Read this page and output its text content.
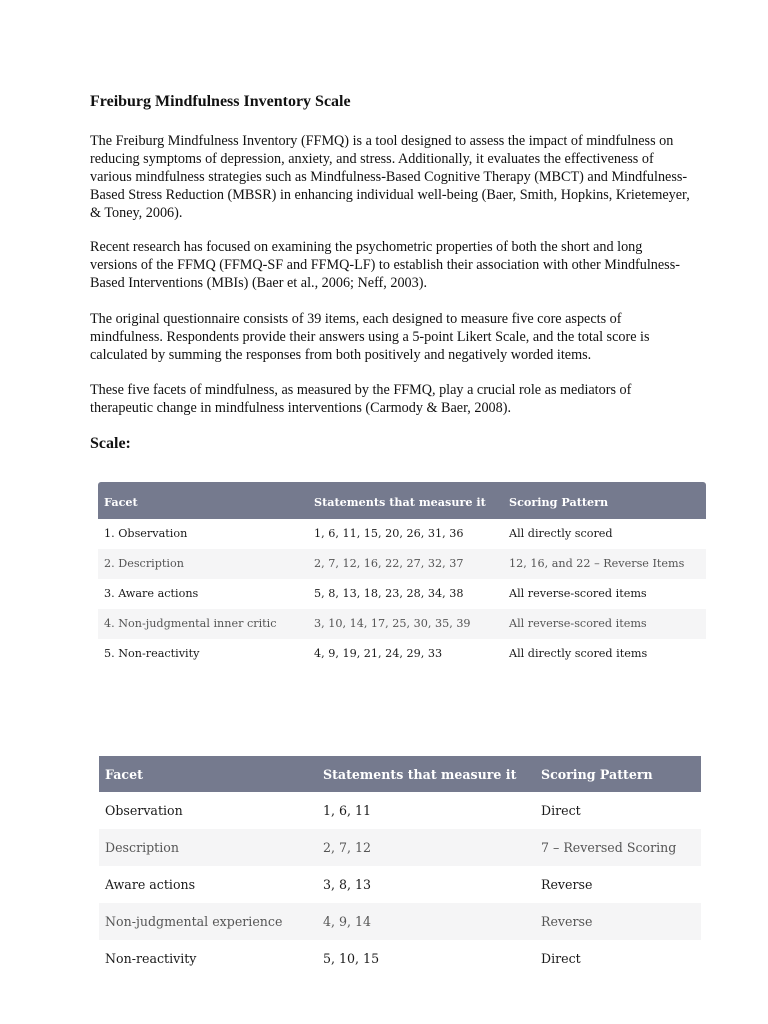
Freiburg Mindfulness Inventory Scale

The Freiburg Mindfulness Inventory (FFMQ) is a tool designed to assess the impact of mindfulness on reducing symptoms of depression, anxiety, and stress. Additionally, it evaluates the effectiveness of various mindfulness strategies such as Mindfulness-Based Cognitive Therapy (MBCT) and Mindfulness-Based Stress Reduction (MBSR) in enhancing individual well-being (Baer, Smith, Hopkins, Krietemeyer, & Toney, 2006).

Recent research has focused on examining the psychometric properties of both the short and long versions of the FFMQ (FFMQ-SF and FFMQ-LF) to establish their association with other Mindfulness-Based Interventions (MBIs) (Baer et al., 2006; Neff, 2003).

The original questionnaire consists of 39 items, each designed to measure five core aspects of mindfulness. Respondents provide their answers using a 5-point Likert Scale, and the total score is calculated by summing the responses from both positively and negatively worded items.

These five facets of mindfulness, as measured by the FFMQ, play a crucial role as mediators of therapeutic change in mindfulness interventions (Carmody & Baer, 2008).

Scale:
Facet	Statements that measure it	Scoring Pattern
1. Observation	1, 6, 11, 15, 20, 26, 31, 36	All directly scored
2. Description	2, 7, 12, 16, 22, 27, 32, 37	12, 16, and 22 – Reverse Items
3. Aware actions	5, 8, 13, 18, 23, 28, 34, 38	All reverse-scored items
4. Non-judgmental inner critic	3, 10, 14, 17, 25, 30, 35, 39	All reverse-scored items
5. Non-reactivity	4, 9, 19, 21, 24, 29, 33	All directly scored items
Facet	Statements that measure it	Scoring Pattern
Observation	1, 6, 11	Direct
Description	2, 7, 12	7 – Reversed Scoring
Aware actions	3, 8, 13	Reverse
Non-judgmental experience	4, 9, 14	Reverse
Non-reactivity	5, 10, 15	Direct
